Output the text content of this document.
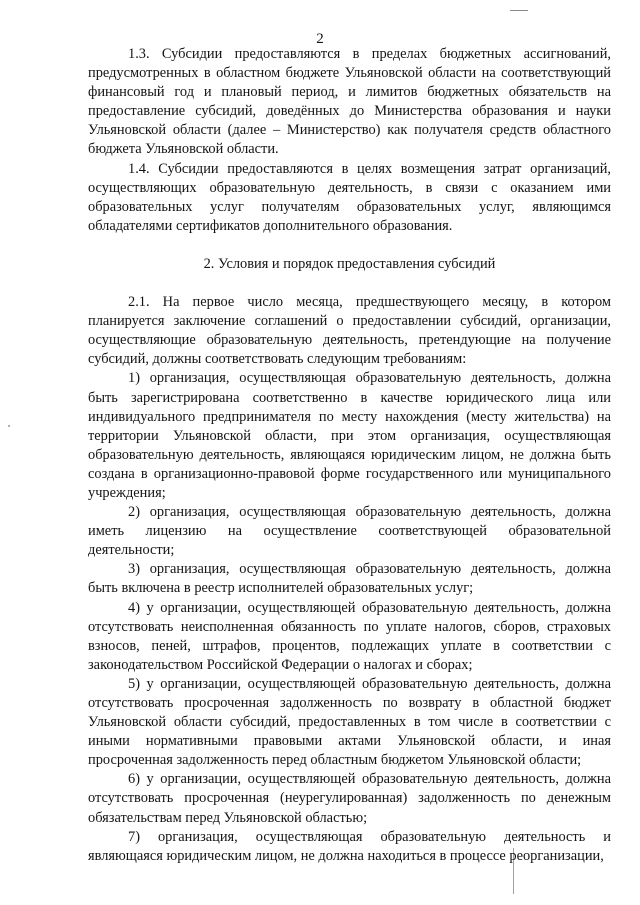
2

1.3. Субсидии предоставляются в пределах бюджетных ассигнований, предусмотренных в областном бюджете Ульяновской области на соответствующий финансовый год и плановый период, и лимитов бюджетных обязательств на предоставление субсидий, доведённых до Министерства образования и науки Ульяновской области (далее – Министерство) как получателя средств областного бюджета Ульяновской области.

1.4. Субсидии предоставляются в целях возмещения затрат организаций, осуществляющих образовательную деятельность, в связи с оказанием ими образовательных услуг получателям образовательных услуг, являющимся обладателями сертификатов дополнительного образования.

2. Условия и порядок предоставления субсидий

2.1. На первое число месяца, предшествующего месяцу, в котором планируется заключение соглашений о предоставлении субсидий, организации, осуществляющие образовательную деятельность, претендующие на получение субсидий, должны соответствовать следующим требованиям:

1) организация, осуществляющая образовательную деятельность, должна быть зарегистрирована соответственно в качестве юридического лица или индивидуального предпринимателя по месту нахождения (месту жительства) на территории Ульяновской области, при этом организация, осуществляющая образовательную деятельность, являющаяся юридическим лицом, не должна быть создана в организационно-правовой форме государственного или муниципального учреждения;

2) организация, осуществляющая образовательную деятельность, должна иметь лицензию на осуществление соответствующей образовательной деятельности;

3) организация, осуществляющая образовательную деятельность, должна быть включена в реестр исполнителей образовательных услуг;

4) у организации, осуществляющей образовательную деятельность, должна отсутствовать неисполненная обязанность по уплате налогов, сборов, страховых взносов, пеней, штрафов, процентов, подлежащих уплате в соответствии с законодательством Российской Федерации о налогах и сборах;

5) у организации, осуществляющей образовательную деятельность, должна отсутствовать просроченная задолженность по возврату в областной бюджет Ульяновской области субсидий, предоставленных в том числе в соответствии с иными нормативными правовыми актами Ульяновской области, и иная просроченная задолженность перед областным бюджетом Ульяновской области;

6) у организации, осуществляющей образовательную деятельность, должна отсутствовать просроченная (неурегулированная) задолженность по денежным обязательствам перед Ульяновской областью;

7) организация, осуществляющая образовательную деятельность и являющаяся юридическим лицом, не должна находиться в процессе реорганизации,
